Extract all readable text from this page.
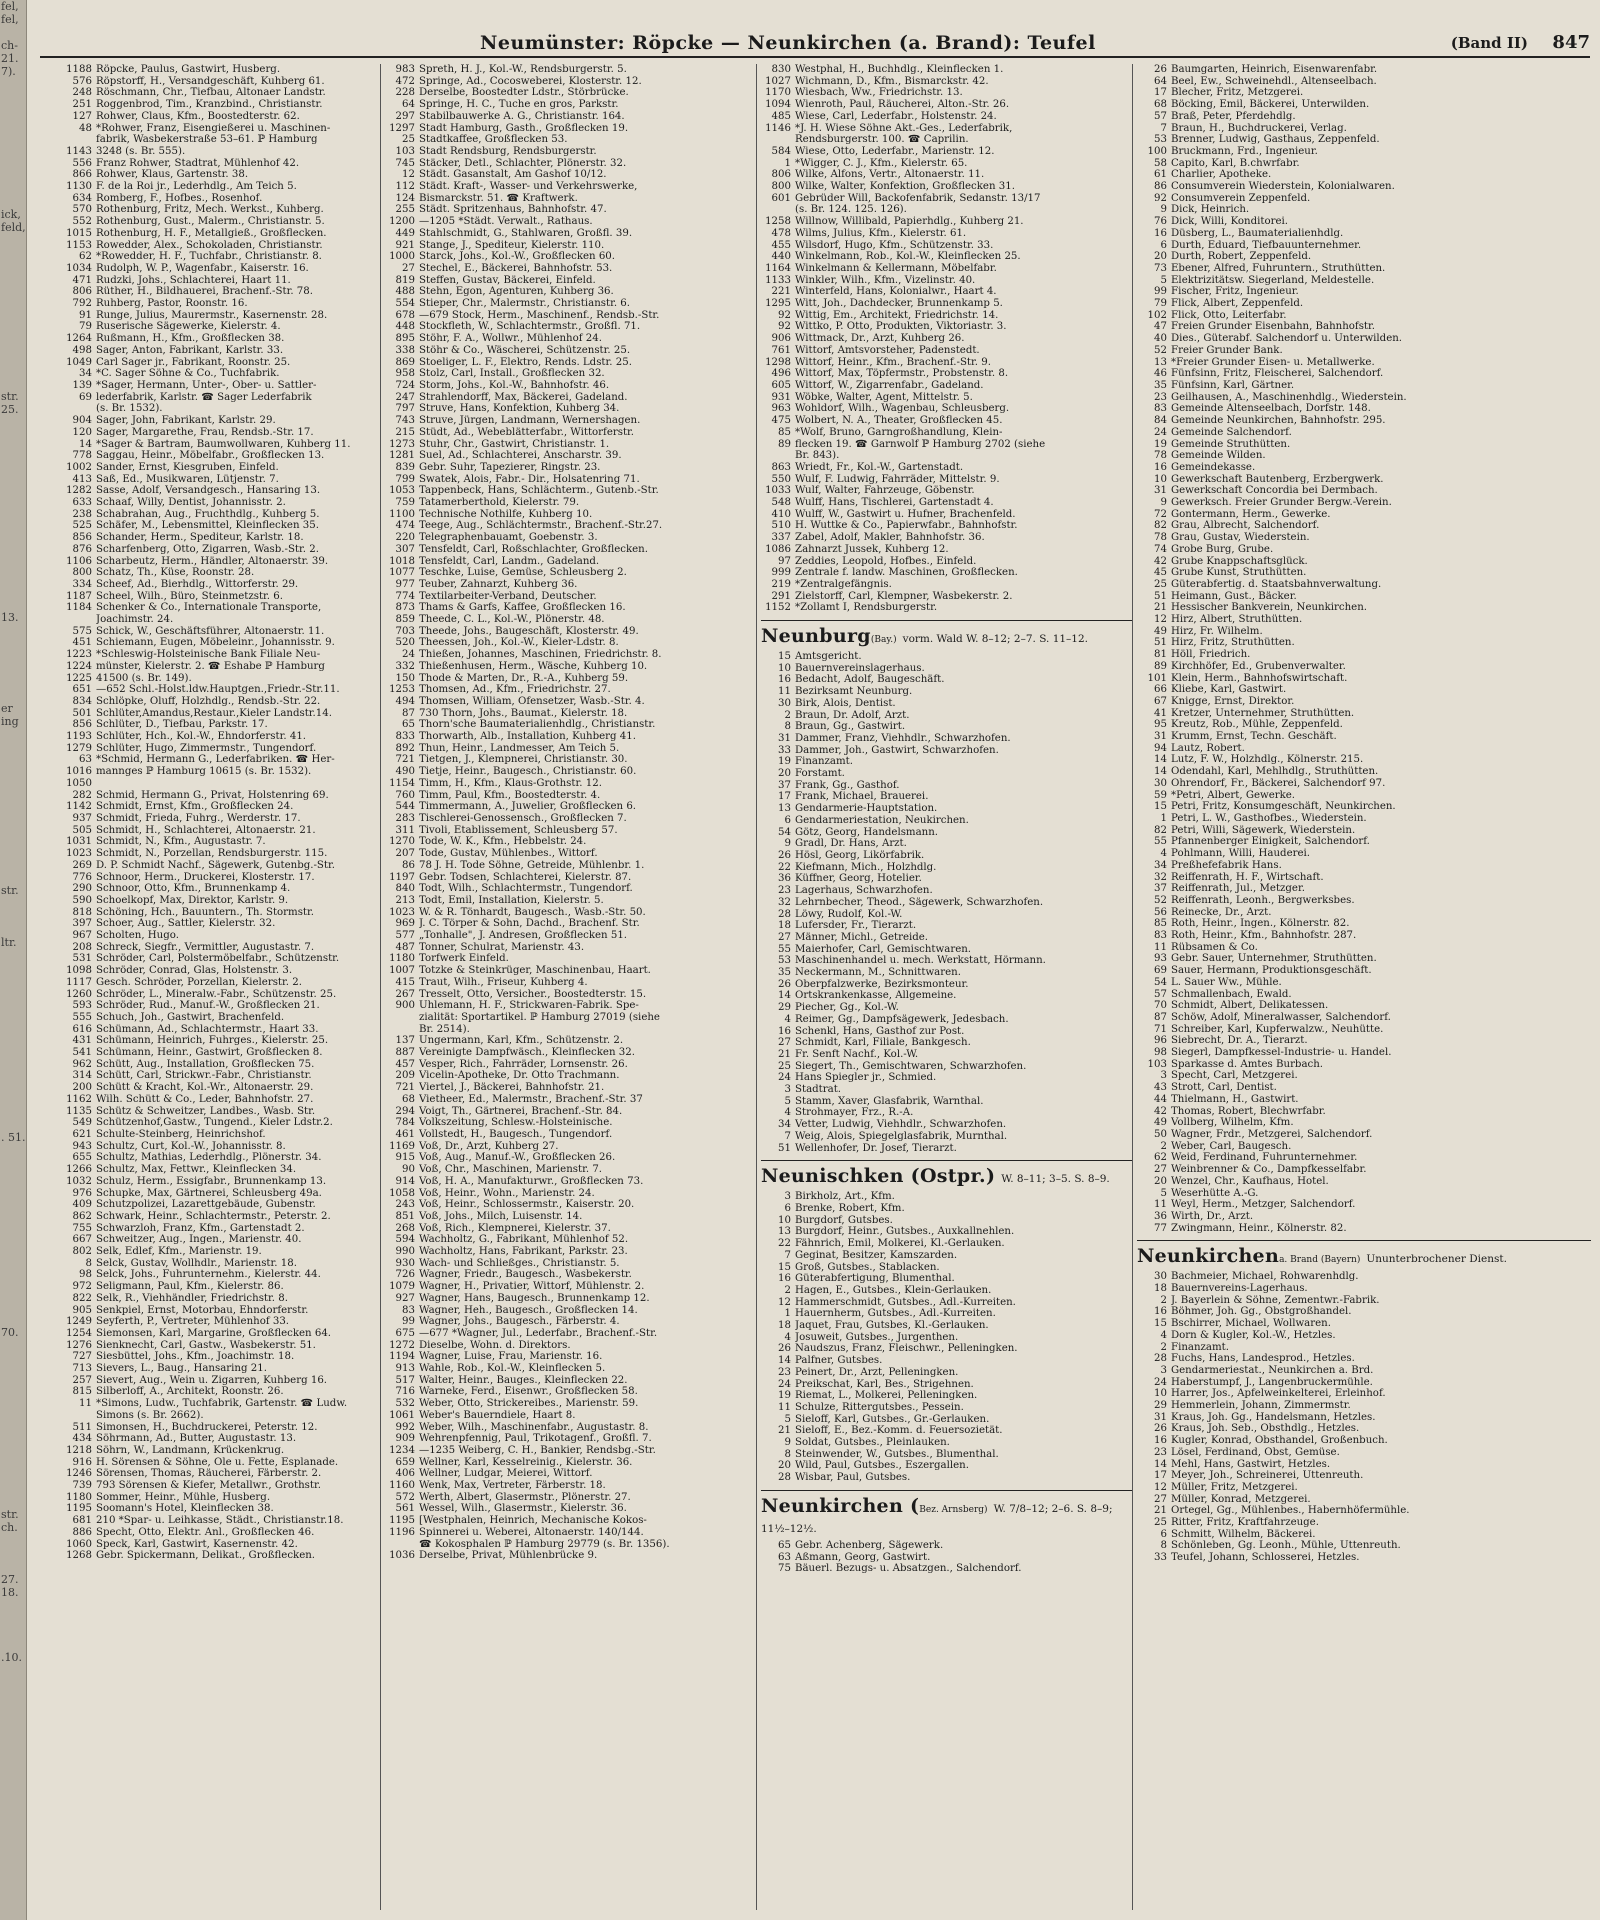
fel,
fel,

ch-
21.
7).

ick,
feld,

str.
25.

13.

er
ing

str.

ltr.

. 51.

70.

str.
ch.

27.
18.

.10.
Neumünster: Röpcke — Neunkirchen (a. Brand): Teufel	(Band II) 847
1188 Röpcke, Paulus, Gastwirt, Husberg.
576 Röpstorff, H., Versandgeschäft, Kuhberg 61.
248 Röschmann, Chr., Tiefbau, Altonaer Landstr.
251 Roggenbrod, Tim., Kranzbind., Christianstr.
127 Rohwer, Claus, Kfm., Boostedterstr. 62.
48 *Rohwer, Franz, Eisengießerei u. Maschinen-
fabrik, Wasbekerstraße 53–61. ℙ Hamburg
1143 3248 (s. Br. 555).
556 Franz Rohwer, Stadtrat, Mühlenhof 42.
866 Rohwer, Klaus, Gartenstr. 38.
1130 F. de la Roi jr., Lederhdlg., Am Teich 5.
634 Romberg, F., Hofbes., Rosenhof.
570 Rothenburg, Fritz, Mech. Werkst., Kuhberg.
552 Rothenburg, Gust., Malerm., Christianstr. 5.
1015 Rothenburg, H. F., Metallgieß., Großflecken.
1153 Rowedder, Alex., Schokoladen, Christianstr.
62 *Rowedder, H. F., Tuchfabr., Christianstr. 8.
1034 Rudolph, W. P., Wagenfabr., Kaiserstr. 16.
471 Rudzki, Johs., Schlachterei, Haart 11.
806 Rüther, H., Bildhauerei, Brachenf.-Str. 78.
792 Ruhberg, Pastor, Roonstr. 16.
91 Runge, Julius, Maurermstr., Kasernenstr. 28.
79 Ruserische Sägewerke, Kielerstr. 4.
1264 Rußmann, H., Kfm., Großflecken 38.
498 Sager, Anton, Fabrikant, Karlstr. 33.
1049 Carl Sager jr., Fabrikant, Roonstr. 25.
34 *C. Sager Söhne & Co., Tuchfabrik.
139 *Sager, Hermann, Unter-, Ober- u. Sattler-
69 lederfabrik, Karlstr. ☎ Sager Lederfabrik
(s. Br. 1532).
904 Sager, John, Fabrikant, Karlstr. 29.
120 Sager, Margarethe, Frau, Rendsb.-Str. 17.
14 *Sager & Bartram, Baumwollwaren, Kuhberg 11.
778 Saggau, Heinr., Möbelfabr., Großflecken 13.
1002 Sander, Ernst, Kiesgruben, Einfeld.
413 Saß, Ed., Musikwaren, Lütjenstr. 7.
1282 Sasse, Adolf, Versandgesch., Hansaring 13.
633 Schaaf, Willy, Dentist, Johannisstr. 2.
238 Schabrahan, Aug., Fruchthdlg., Kuhberg 5.
525 Schäfer, M., Lebensmittel, Kleinflecken 35.
856 Schander, Herm., Spediteur, Karlstr. 18.
876 Scharfenberg, Otto, Zigarren, Wasb.-Str. 2.
1106 Scharbeutz, Herm., Händler, Altonaerstr. 39.
800 Schatz, Th., Küse, Roonstr. 28.
334 Scheef, Ad., Bierhdlg., Wittorferstr. 29.
1187 Scheel, Wilh., Büro, Steinmetzstr. 6.
1184 Schenker & Co., Internationale Transporte,
Joachimstr. 24.
575 Schick, W., Geschäftsführer, Altonaerstr. 11.
451 Schiemann, Eugen, Möbeleinr., Johannisstr. 9.
1223 *Schleswig-Holsteinische Bank Filiale Neu-
1224 münster, Kielerstr. 2. ☎ Eshabe ℙ Hamburg
1225 41500 (s. Br. 149).
651 —652 Schl.-Holst.ldw.Hauptgen.,Friedr.-Str.11.
834 Schlöpke, Oluff, Holzhdlg., Rendsb.-Str. 22.
501 Schlüter,Amandus,Restaur.,Kieler Landstr.14.
856 Schlüter, D., Tiefbau, Parkstr. 17.
1193 Schlüter, Hch., Kol.-W., Ehndorferstr. 41.
1279 Schlüter, Hugo, Zimmermstr., Tungendorf.
63 *Schmid, Hermann G., Lederfabriken. ☎ Her-
1016 mannges ℙ Hamburg 10615 (s. Br. 1532).
1050
282 Schmid, Hermann G., Privat, Holstenring 69.
1142 Schmidt, Ernst, Kfm., Großflecken 24.
937 Schmidt, Frieda, Fuhrg., Werderstr. 17.
505 Schmidt, H., Schlachterei, Altonaerstr. 21.
1031 Schmidt, N., Kfm., Augustastr. 7.
1023 Schmidt, N., Porzellan, Rendsburgerstr. 115.
269 D. P. Schmidt Nachf., Sägewerk, Gutenbg.-Str.
776 Schnoor, Herm., Druckerei, Klosterstr. 17.
290 Schnoor, Otto, Kfm., Brunnenkamp 4.
590 Schoelkopf, Max, Direktor, Karlstr. 9.
818 Schöning, Hch., Bauuntern., Th. Stormstr.
397 Schoer, Aug., Sattler, Kielerstr. 32.
967 Scholten, Hugo.
208 Schreck, Siegfr., Vermittler, Augustastr. 7.
531 Schröder, Carl, Polstermöbelfabr., Schützenstr.
1098 Schröder, Conrad, Glas, Holstenstr. 3.
1117 Gesch. Schröder, Porzellan, Kielerstr. 2.
1260 Schröder, L., Mineralw.-Fabr., Schützenstr. 25.
593 Schröder, Rud., Manuf.-W., Großflecken 21.
555 Schuch, Joh., Gastwirt, Brachenfeld.
616 Schümann, Ad., Schlachtermstr., Haart 33.
431 Schümann, Heinrich, Fuhrges., Kielerstr. 25.
541 Schümann, Heinr., Gastwirt, Großflecken 8.
962 Schütt, Aug., Installation, Großflecken 75.
314 Schütt, Carl, Strickwr.-Fabr., Christianstr.
200 Schütt & Kracht, Kol.-Wr., Altonaerstr. 29.
1162 Wilh. Schütt & Co., Leder, Bahnhofstr. 27.
1135 Schütz & Schweitzer, Landbes., Wasb. Str.
549 Schützenhof,Gastw., Tungend., Kieler Ldstr.2.
621 Schulte-Steinberg, Heinrichshof.
943 Schultz, Curt, Kol.-W., Johannisstr. 8.
655 Schultz, Mathias, Lederhdlg., Plönerstr. 34.
1266 Schultz, Max, Fettwr., Kleinflecken 34.
1032 Schulz, Herm., Essigfabr., Brunnenkamp 13.
976 Schupke, Max, Gärtnerei, Schleusberg 49a.
409 Schutzpolizei, Lazarettgebäude, Gubenstr.
862 Schwark, Heinr., Schlachtermstr., Peterstr. 2.
755 Schwarzloh, Franz, Kfm., Gartenstadt 2.
667 Schweitzer, Aug., Ingen., Marienstr. 40.
802 Selk, Edlef, Kfm., Marienstr. 19.
8 Selck, Gustav, Wollhdlr., Marienstr. 18.
98 Selck, Johs., Fuhrunternehm., Kielerstr. 44.
972 Seligmann, Paul, Kfm., Kielerstr. 86.
822 Selk, R., Viehhändler, Friedrichstr. 8.
905 Senkpiel, Ernst, Motorbau, Ehndorferstr.
1249 Seyferth, P., Vertreter, Mühlenhof 33.
1254 Siemonsen, Karl, Margarine, Großflecken 64.
1276 Sienknecht, Carl, Gastw., Wasbekerstr. 51.
727 Siesbüttel, Johs., Kfm., Joachimstr. 18.
713 Sievers, L., Baug., Hansaring 21.
257 Sievert, Aug., Wein u. Zigarren, Kuhberg 16.
815 Silberloff, A., Architekt, Roonstr. 26.
11 *Simons, Ludw., Tuchfabrik, Gartenstr. ☎ Ludw.
Simons (s. Br. 2662).
511 Simonsen, H., Buchdruckerei, Peterstr. 12.
434 Söhrmann, Ad., Butter, Augustastr. 13.
1218 Söhrn, W., Landmann, Krückenkrug.
916 H. Sörensen & Söhne, Öle u. Fette, Esplanade.
1246 Sörensen, Thomas, Räucherei, Färberstr. 2.
739 793 Sörensen & Kiefer, Metallwr., Grothstr.
1180 Sommer, Heinr., Mühle, Husberg.
1195 Soomann's Hotel, Kleinflecken 38.
681 210 *Spar- u. Leihkasse, Städt., Christianstr.18.
886 Specht, Otto, Elektr. Anl., Großflecken 46.
1060 Speck, Karl, Gastwirt, Kasernenstr. 42.
1268 Gebr. Spickermann, Delikat., Großflecken.
983 Spreth, H. J., Kol.-W., Rendsburgerstr. 5.
472 Springe, Ad., Cocosweberei, Klosterstr. 12.
228 Derselbe, Boostedter Ldstr., Störbrücke.
64 Springe, H. C., Tuche en gros, Parkstr.
297 Stabilbauwerke A. G., Christianstr. 164.
1297 Stadt Hamburg, Gasth., Großflecken 19.
25 Stadtkaffee, Großflecken 53.
103 Stadt Rendsburg, Rendsburgerstr.
745 Stäcker, Detl., Schlachter, Plönerstr. 32.
12 Städt. Gasanstalt, Am Gashof 10/12.
112 Städt. Kraft-, Wasser- und Verkehrswerke,
124 Bismarckstr. 51. ☎ Kraftwerk.
255 Städt. Spritzenhaus, Bahnhofstr. 47.
1200 —1205 *Städt. Verwalt., Rathaus.
449 Stahlschmidt, G., Stahlwaren, Großfl. 39.
921 Stange, J., Spediteur, Kielerstr. 110.
1000 Starck, Johs., Kol.-W., Großflecken 60.
27 Stechel, E., Bäckerei, Bahnhofstr. 53.
819 Steffen, Gustav, Bäckerei, Einfeld.
488 Stehn, Egon, Agenturen, Kuhberg 36.
554 Stieper, Chr., Malermstr., Christianstr. 6.
678 —679 Stock, Herm., Maschinenf., Rendsb.-Str.
448 Stockfleth, W., Schlachtermstr., Großfl. 71.
895 Stöhr, F. A., Wollwr., Mühlenhof 24.
338 Stöhr & Co., Wäscherei, Schützenstr. 25.
869 Stoeliger, L. F., Elektro, Rends. Ldstr. 25.
958 Stolz, Carl, Install., Großflecken 32.
724 Storm, Johs., Kol.-W., Bahnhofstr. 46.
247 Strahlendorff, Max, Bäckerei, Gadeland.
797 Struve, Hans, Konfektion, Kuhberg 34.
743 Struve, Jürgen, Landmann, Wernershagen.
215 Stüdt, Ad., Webeblätterfabr., Wittorferstr.
1273 Stuhr, Chr., Gastwirt, Christianstr. 1.
1281 Suel, Ad., Schlachterei, Anscharstr. 39.
839 Gebr. Suhr, Tapezierer, Ringstr. 23.
799 Swatek, Alois, Fabr.- Dir., Holsatenring 71.
1053 Tappenbeck, Hans, Schlächterm., Gutenb.-Str.
759 Tatamerberthold, Kielerstr. 79.
1100 Technische Nothilfe, Kuhberg 10.
474 Teege, Aug., Schlächtermstr., Brachenf.-Str.27.
220 Telegraphenbauamt, Goebenstr. 3.
307 Tensfeldt, Carl, Roßschlachter, Großflecken.
1018 Tensfeldt, Carl, Landm., Gadeland.
1077 Teschke, Luise, Gemüse, Schleusberg 2.
977 Teuber, Zahnarzt, Kuhberg 36.
774 Textilarbeiter-Verband, Deutscher.
873 Thams & Garfs, Kaffee, Großflecken 16.
859 Theede, C. L., Kol.-W., Plönerstr. 48.
703 Theede, Johs., Baugeschäft, Klosterstr. 49.
520 Theessen, Joh., Kol.-W., Kieler-Ldstr. 8.
24 Thießen, Johannes, Maschinen, Friedrichstr. 8.
332 Thießenhusen, Herm., Wäsche, Kuhberg 10.
150 Thode & Marten, Dr., R.-A., Kuhberg 59.
1253 Thomsen, Ad., Kfm., Friedrichstr. 27.
494 Thomsen, William, Ofensetzer, Wasb.-Str. 4.
87 730 Thorn, Johs., Baumat., Kielerstr. 18.
65 Thorn'sche Baumaterialienhdlg., Christianstr.
833 Thorwarth, Alb., Installation, Kuhberg 41.
892 Thun, Heinr., Landmesser, Am Teich 5.
721 Tietgen, J., Klempnerei, Christianstr. 30.
490 Tietje, Heinr., Baugesch., Christianstr. 60.
1154 Timm, H., Kfm., Klaus-Grothstr. 12.
760 Timm, Paul, Kfm., Boostedterstr. 4.
544 Timmermann, A., Juwelier, Großflecken 6.
283 Tischlerei-Genossensch., Großflecken 7.
311 Tivoli, Etablissement, Schleusberg 57.
1270 Tode, W. K., Kfm., Hebbelstr. 24.
207 Tode, Gustav, Mühlenbes., Wittorf.
86 78 J. H. Tode Söhne, Getreide, Mühlenbr. 1.
1197 Gebr. Todsen, Schlachterei, Kielerstr. 87.
840 Todt, Wilh., Schlachtermstr., Tungendorf.
213 Todt, Emil, Installation, Kielerstr. 5.
1023 W. & R. Tönhardt, Baugesch., Wasb.-Str. 50.
969 J. C. Törper & Sohn, Dachd., Brachenf. Str.
577 „Tonhalle", J. Andresen, Großflecken 51.
487 Tonner, Schulrat, Marienstr. 43.
1180 Torfwerk Einfeld.
1007 Totzke & Steinkrüger, Maschinenbau, Haart.
415 Traut, Wilh., Friseur, Kuhberg 4.
267 Tresselt, Otto, Versicher., Boostedterstr. 15.
900 Uhlemann, H. F., Strickwaren-Fabrik. Spe-
zialität: Sportartikel. ℙ Hamburg 27019 (siehe
Br. 2514).
137 Ungermann, Karl, Kfm., Schützenstr. 2.
887 Vereinigte Dampfwäsch., Kleinflecken 32.
457 Vesper, Rich., Fahrräder, Lornsenstr. 26.
209 Vicelin-Apotheke, Dr. Otto Trachmann.
721 Viertel, J., Bäckerei, Bahnhofstr. 21.
68 Vietheer, Ed., Malermstr., Brachenf.-Str. 37
294 Voigt, Th., Gärtnerei, Brachenf.-Str. 84.
784 Volkszeitung, Schlesw.-Holsteinische.
461 Vollstedt, H., Baugesch., Tungendorf.
1169 Voß, Dr., Arzt, Kuhberg 27.
915 Voß, Aug., Manuf.-W., Großflecken 26.
90 Voß, Chr., Maschinen, Marienstr. 7.
914 Voß, H. A., Manufakturwr., Großflecken 73.
1058 Voß, Heinr., Wohn., Marienstr. 24.
243 Voß, Heinr., Schlossermstr., Kaiserstr. 20.
851 Voß, Johs., Milch, Luisenstr. 14.
268 Voß, Rich., Klempnerei, Kielerstr. 37.
594 Wachholtz, G., Fabrikant, Mühlenhof 52.
990 Wachholtz, Hans, Fabrikant, Parkstr. 23.
930 Wach- und Schließges., Christianstr. 5.
726 Wagner, Friedr., Baugesch., Wasbekerstr.
1079 Wagner, H., Privatier, Wittorf, Mühlenstr. 2.
927 Wagner, Hans, Baugesch., Brunnenkamp 12.
83 Wagner, Heh., Baugesch., Großflecken 14.
99 Wagner, Johs., Baugesch., Färberstr. 4.
675 —677 *Wagner, Jul., Lederfabr., Brachenf.-Str.
1272 Dieselbe, Wohn. d. Direktors.
1194 Wagner, Luise, Frau, Marienstr. 16.
913 Wahle, Rob., Kol.-W., Kleinflecken 5.
517 Walter, Heinr., Bauges., Kleinflecken 22.
716 Warneke, Ferd., Eisenwr., Großflecken 58.
532 Weber, Otto, Strickereibes., Marienstr. 59.
1061 Weber's Bauerndiele, Haart 8.
992 Weber, Wilh., Maschinenfabr., Augustastr. 8.
909 Wehrenpfennig, Paul, Trikotagenf., Großfl. 7.
1234 —1235 Weiberg, C. H., Bankier, Rendsbg.-Str.
659 Wellner, Karl, Kesselreinig., Kielerstr. 36.
406 Wellner, Ludgar, Meierei, Wittorf.
1160 Wenk, Max, Vertreter, Färberstr. 18.
572 Werth, Albert, Glasermstr., Plönerstr. 27.
561 Wessel, Wilh., Glasermstr., Kielerstr. 36.
1195 [Westphalen, Heinrich, Mechanische Kokos-
1196 Spinnerei u. Weberei, Altonaerstr. 140/144.
☎ Kokosphalen ℙ Hamburg 29779 (s. Br. 1356).
1036 Derselbe, Privat, Mühlenbrücke 9.
830 Westphal, H., Buchhdlg., Kleinflecken 1.
1027 Wichmann, D., Kfm., Bismarckstr. 42.
1170 Wiesbach, Ww., Friedrichstr. 13.
1094 Wienroth, Paul, Räucherei, Alton.-Str. 26.
485 Wiese, Carl, Lederfabr., Holstenstr. 24.
1146 *J. H. Wiese Söhne Akt.-Ges., Lederfabrik,
Rendsburgerstr. 100. ☎ Caprilin.
584 Wiese, Otto, Lederfabr., Marienstr. 12.
1 *Wigger, C. J., Kfm., Kielerstr. 65.
806 Wilke, Alfons, Vertr., Altonaerstr. 11.
800 Wilke, Walter, Konfektion, Großflecken 31.
601 Gebrüder Will, Backofenfabrik, Sedanstr. 13/17
(s. Br. 124. 125. 126).
1258 Willnow, Willibald, Papierhdlg., Kuhberg 21.
478 Wilms, Julius, Kfm., Kielerstr. 61.
455 Wilsdorf, Hugo, Kfm., Schützenstr. 33.
440 Winkelmann, Rob., Kol.-W., Kleinflecken 25.
1164 Winkelmann & Kellermann, Möbelfabr.
1133 Winkler, Wilh., Kfm., Vizelinstr. 40.
221 Winterfeld, Hans, Kolonialwr., Haart 4.
1295 Witt, Joh., Dachdecker, Brunnenkamp 5.
92 Wittig, Em., Architekt, Friedrichstr. 14.
92 Wittko, P. Otto, Produkten, Viktoriastr. 3.
906 Wittmack, Dr., Arzt, Kuhberg 26.
761 Wittorf, Amtsvorsteher, Padenstedt.
1298 Wittorf, Heinr., Kfm., Brachenf.-Str. 9.
496 Wittorf, Max, Töpfermstr., Probstenstr. 8.
605 Wittorf, W., Zigarrenfabr., Gadeland.
931 Wöbke, Walter, Agent, Mittelstr. 5.
963 Wohldorf, Wilh., Wagenbau, Schleusberg.
475 Wolbert, N. A., Theater, Großflecken 45.
85 *Wolf, Bruno, Garngroßhandlung, Klein-
89 flecken 19. ☎ Garnwolf ℙ Hamburg 2702 (siehe
Br. 843).
863 Wriedt, Fr., Kol.-W., Gartenstadt.
550 Wulf, F. Ludwig, Fahrräder, Mittelstr. 9.
1033 Wulf, Walter, Fahrzeuge, Göbenstr.
548 Wulff, Hans, Tischlerei, Gartenstadt 4.
410 Wulff, W., Gastwirt u. Hufner, Brachenfeld.
510 H. Wuttke & Co., Papierwfabr., Bahnhofstr.
337 Zabel, Adolf, Makler, Bahnhofstr. 36.
1086 Zahnarzt Jussek, Kuhberg 12.
97 Zeddies, Leopold, Hofbes., Einfeld.
999 Zentrale f. landw. Maschinen, Großflecken.
219 *Zentralgefängnis.
291 Zielstorff, Carl, Klempner, Wasbekerstr. 2.
1152 *Zollamt I, Rendsburgerstr.
Neunburg(Bay.) vorm. Wald W. 8–12; 2–7. S. 11–12.
15 Amtsgericht.
10 Bauernvereinslagerhaus.
16 Bedacht, Adolf, Baugeschäft.
11 Bezirksamt Neunburg.
30 Birk, Alois, Dentist.
2 Braun, Dr. Adolf, Arzt.
8 Braun, Gg., Gastwirt.
31 Dammer, Franz, Viehhdlr., Schwarzhofen.
33 Dammer, Joh., Gastwirt, Schwarzhofen.
19 Finanzamt.
20 Forstamt.
37 Frank, Gg., Gasthof.
17 Frank, Michael, Brauerei.
13 Gendarmerie-Hauptstation.
6 Gendarmeriestation, Neukirchen.
54 Götz, Georg, Handelsmann.
9 Gradl, Dr. Hans, Arzt.
26 Hösl, Georg, Likörfabrik.
22 Kiefmann, Mich., Holzhdlg.
36 Küffner, Georg, Hotelier.
23 Lagerhaus, Schwarzhofen.
32 Lehrnbecher, Theod., Sägewerk, Schwarzhofen.
28 Löwy, Rudolf, Kol.-W.
18 Lufersder, Fr., Tierarzt.
27 Männer, Michl., Getreide.
55 Maierhofer, Carl, Gemischtwaren.
53 Maschinenhandel u. mech. Werkstatt, Hörmann.
35 Neckermann, M., Schnittwaren.
26 Oberpfalzwerke, Bezirksmonteur.
14 Ortskrankenkasse, Allgemeine.
29 Piecher, Gg., Kol.-W.
4 Reimer, Gg., Dampfsägewerk, Jedesbach.
16 Schenkl, Hans, Gasthof zur Post.
27 Schmidt, Karl, Filiale, Bankgesch.
21 Fr. Senft Nachf., Kol.-W.
25 Siegert, Th., Gemischtwaren, Schwarzhofen.
24 Hans Spiegler jr., Schmied.
3 Stadtrat.
5 Stamm, Xaver, Glasfabrik, Warnthal.
4 Strohmayer, Frz., R.-A.
34 Vetter, Ludwig, Viehhdlr., Schwarzhofen.
7 Weig, Alois, Spiegelglasfabrik, Murnthal.
51 Wellenhofer, Dr. Josef, Tierarzt.
Neunischken (Ostpr.) W. 8–11; 3–5. S. 8–9.
3 Birkholz, Art., Kfm.
6 Brenke, Robert, Kfm.
10 Burgdorf, Gutsbes.
13 Burgdorf, Heinr., Gutsbes., Auxkallnehlen.
22 Fähnrich, Emil, Molkerei, Kl.-Gerlauken.
7 Geginat, Besitzer, Kamszarden.
15 Groß, Gutsbes., Stablacken.
16 Güterabfertigung, Blumenthal.
2 Hagen, E., Gutsbes., Klein-Gerlauken.
12 Hammerschmidt, Gutsbes., Adl.-Kurreiten.
1 Hauernherm, Gutsbes., Adl.-Kurreiten.
18 Jaquet, Frau, Gutsbes, Kl.-Gerlauken.
4 Josuweit, Gutsbes., Jurgenthen.
26 Naudszus, Franz, Fleischwr., Pelleningken.
14 Palfner, Gutsbes.
23 Peinert, Dr., Arzt, Pelleningken.
24 Preikschat, Karl, Bes., Strigehnen.
19 Riemat, L., Molkerei, Pelleningken.
11 Schulze, Rittergutsbes., Pessein.
5 Sieloff, Karl, Gutsbes., Gr.-Gerlauken.
21 Sieloff, E., Bez.-Komm. d. Feuersozietät.
9 Soldat, Gutsbes., Pleinlauken.
8 Steinwender, W., Gutsbes., Blumenthal.
20 Wild, Paul, Gutsbes., Eszergallen.
28 Wisbar, Paul, Gutsbes.
Neunkirchen (Bez. Arnsberg) W. 7/8–12; 2–6. S. 8–9; 11½–12½.
65 Gebr. Achenberg, Sägewerk.
63 Aßmann, Georg, Gastwirt.
75 Bäuerl. Bezugs- u. Absatzgen., Salchendorf.
26 Baumgarten, Heinrich, Eisenwarenfabr.
64 Beel, Ew., Schweinehdl., Altenseelbach.
17 Blecher, Fritz, Metzgerei.
68 Böcking, Emil, Bäckerei, Unterwilden.
57 Braß, Peter, Pferdehdlg.
7 Braun, H., Buchdruckerei, Verlag.
53 Brenner, Ludwig, Gasthaus, Zeppenfeld.
100 Bruckmann, Frd., Ingenieur.
58 Capito, Karl, B.chwrfabr.
61 Charlier, Apotheke.
86 Consumverein Wiederstein, Kolonialwaren.
92 Consumverein Zeppenfeld.
9 Dick, Heinrich.
76 Dick, Willi, Konditorei.
16 Düsberg, L., Baumaterialienhdlg.
6 Durth, Eduard, Tiefbauunternehmer.
20 Durth, Robert, Zeppenfeld.
73 Ebener, Alfred, Fuhruntern., Struthütten.
5 Elektrizitätsw. Siegerland, Meldestelle.
99 Fischer, Fritz, Ingenieur.
79 Flick, Albert, Zeppenfeld.
102 Flick, Otto, Leiterfabr.
47 Freien Grunder Eisenbahn, Bahnhofstr.
40 Dies., Güterabf. Salchendorf u. Unterwilden.
52 Freier Grunder Bank.
13 *Freier Grunder Eisen- u. Metallwerke.
46 Fünfsinn, Fritz, Fleischerei, Salchendorf.
35 Fünfsinn, Karl, Gärtner.
23 Geilhausen, A., Maschinenhdlg., Wiederstein.
83 Gemeinde Altenseelbach, Dorfstr. 148.
84 Gemeinde Neunkirchen, Bahnhofstr. 295.
24 Gemeinde Salchendorf.
19 Gemeinde Struthütten.
78 Gemeinde Wilden.
16 Gemeindekasse.
10 Gewerkschaft Bautenberg, Erzbergwerk.
31 Gewerkschaft Concordia bei Dermbach.
9 Gewerksch. Freier Grunder Bergw.-Verein.
72 Gontermann, Herm., Gewerke.
82 Grau, Albrecht, Salchendorf.
78 Grau, Gustav, Wiederstein.
74 Grobe Burg, Grube.
42 Grube Knappschaftsglück.
45 Grube Kunst, Struthütten.
25 Güterabfertig. d. Staatsbahnverwaltung.
51 Heimann, Gust., Bäcker.
21 Hessischer Bankverein, Neunkirchen.
12 Hirz, Albert, Struthütten.
49 Hirz, Fr. Wilhelm.
51 Hirz, Fritz, Struthütten.
81 Höll, Friedrich.
89 Kirchhöfer, Ed., Grubenverwalter.
101 Klein, Herm., Bahnhofswirtschaft.
66 Kliebe, Karl, Gastwirt.
67 Knigge, Ernst, Direktor.
41 Kretzer, Unternehmer, Struthütten.
95 Kreutz, Rob., Mühle, Zeppenfeld.
31 Krumm, Ernst, Techn. Geschäft.
94 Lautz, Robert.
14 Lutz, F. W., Holzhdlg., Kölnerstr. 215.
14 Odendahl, Karl, Mehlhdlg., Struthütten.
30 Ohrendorf, Fr., Bäckerei, Salchendorf 97.
59 *Petri, Albert, Gewerke.
15 Petri, Fritz, Konsumgeschäft, Neunkirchen.
1 Petri, L. W., Gasthofbes., Wiederstein.
82 Petri, Willi, Sägewerk, Wiederstein.
55 Pfannenberger Einigkeit, Salchendorf.
4 Pohlmann, Willi, Hauderei.
34 Preßhefefabrik Hans.
32 Reiffenrath, H. F., Wirtschaft.
37 Reiffenrath, Jul., Metzger.
52 Reiffenrath, Leonh., Bergwerksbes.
56 Reinecke, Dr., Arzt.
85 Roth, Heinr., Ingen., Kölnerstr. 82.
83 Roth, Heinr., Kfm., Bahnhofstr. 287.
11 Rübsamen & Co.
93 Gebr. Sauer, Unternehmer, Struthütten.
69 Sauer, Hermann, Produktionsgeschäft.
54 L. Sauer Ww., Mühle.
57 Schmallenbach, Ewald.
70 Schmidt, Albert, Delikatessen.
87 Schöw, Adolf, Mineralwasser, Salchendorf.
71 Schreiber, Karl, Kupferwalzw., Neuhütte.
96 Siebrecht, Dr. A., Tierarzt.
98 Siegerl, Dampfkessel-Industrie- u. Handel.
103 Sparkasse d. Amtes Burbach.
3 Specht, Carl, Metzgerei.
43 Strott, Carl, Dentist.
44 Thielmann, H., Gastwirt.
42 Thomas, Robert, Blechwrfabr.
49 Vollberg, Wilhelm, Kfm.
50 Wagner, Frdr., Metzgerei, Salchendorf.
2 Weber, Carl, Baugesch.
62 Weid, Ferdinand, Fuhrunternehmer.
27 Weinbrenner & Co., Dampfkesselfabr.
20 Wenzel, Chr., Kaufhaus, Hotel.
5 Weserhütte A.-G.
11 Weyl, Herm., Metzger, Salchendorf.
36 Wirth, Dr., Arzt.
77 Zwingmann, Heinr., Kölnerstr. 82.
Neunkirchena. Brand (Bayern) Ununterbrochener Dienst.
30 Bachmeier, Michael, Rohwarenhdlg.
18 Bauernvereins-Lagerhaus.
2 J. Bayerlein & Söhne, Zementwr.-Fabrik.
16 Böhmer, Joh. Gg., Obstgroßhandel.
15 Bschirrer, Michael, Wollwaren.
4 Dorn & Kugler, Kol.-W., Hetzles.
2 Finanzamt.
28 Fuchs, Hans, Landesprod., Hetzles.
3 Gendarmeriestat., Neunkirchen a. Brd.
24 Haberstumpf, J., Langenbruckermühle.
10 Harrer, Jos., Apfelweinkelterei, Erleinhof.
29 Hemmerlein, Johann, Zimmermstr.
31 Kraus, Joh. Gg., Handelsmann, Hetzles.
26 Kraus, Joh. Seb., Obsthdlg., Hetzles.
16 Kugler, Konrad, Obsthandel, Großenbuch.
23 Lösel, Ferdinand, Obst, Gemüse.
14 Mehl, Hans, Gastwirt, Hetzles.
17 Meyer, Joh., Schreinerei, Uttenreuth.
12 Müller, Fritz, Metzgerei.
27 Müller, Konrad, Metzgerei.
21 Ortegel, Gg., Mühlenbes., Habernhöfermühle.
25 Ritter, Fritz, Kraftfahrzeuge.
6 Schmitt, Wilhelm, Bäckerei.
8 Schönleben, Gg. Leonh., Mühle, Uttenreuth.
33 Teufel, Johann, Schlosserei, Hetzles.
